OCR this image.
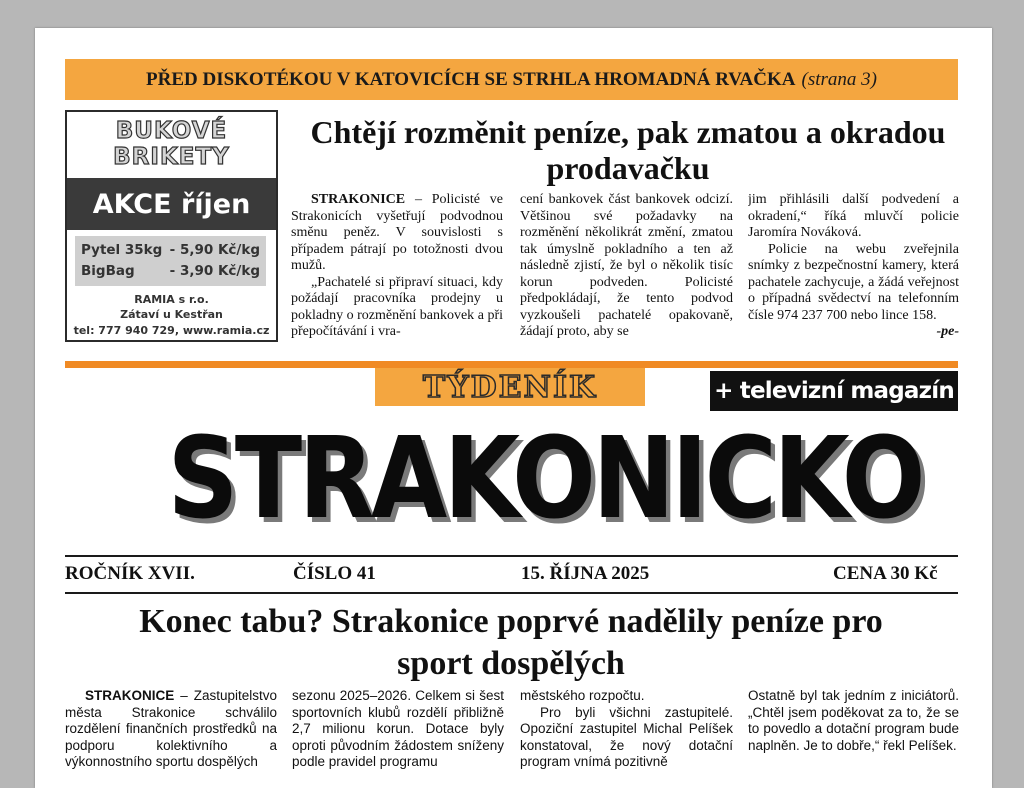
PŘED DISKOTÉKOU V KATOVICÍCH SE STRHLA HROMADNÁ RVAČKA (strana 3)
BUKOVÉ
BRIKETY
AKCE říjen
Pytel 35kg - 5,90 Kč/kg
BigBag	- 3,90 Kč/kg
RAMIA s r.o.
Zátaví u Kestřan
tel: 777 940 729, www.ramia.cz
Chtějí rozměnit peníze, pak zmatou a okradou prodavačku

STRAKONICE – Policisté ve Strakonicích vyšetřují podvodnou směnu peněz. V souvislosti s případem pátrají po totožnosti dvou mužů.

„Pachatelé si připraví situaci, kdy požádají pracovníka prodejny u pokladny o rozměnění bankovek a při přepočítávání i vra-

cení bankovek část bankovek odcizí. Většinou své požadavky na rozměnění několikrát změní, zmatou tak úmyslně pokladního a ten až následně zjistí, že byl o několik tisíc korun podveden. Policisté předpokládají, že tento podvod vyzkoušeli pachatelé opakovaně, žádají proto, aby se

jim přihlásili další podvedení a okradení,“ říká mluvčí policie Jaromíra Nováková.

Policie na webu zveřejnila snímky z bezpečnostní kamery, která pachatele zachycuje, a žádá veřejnost o případná svědectví na telefonním čísle 974 237 700 nebo lince 158.
-pe-

TÝDENÍK	+ televizní magazín
STRAKONICKO
ROČNÍK XVII.	ČÍSLO 41	15. ŘÍJNA 2025	CENA 30 Kč
Konec tabu? Strakonice poprvé nadělily peníze pro sport dospělých

STRAKONICE – Zastupitelstvo města Strakonice schválilo rozdělení finančních prostředků na podporu kolektivního a výkonnostního sportu dospělých

sezonu 2025–2026. Celkem si šest sportovních klubů rozdělí přibližně 2,7 milionu korun. Dotace byly oproti původním žádostem sníženy podle pravidel programu

městského rozpočtu.

Pro byli všichni zastupitelé. Opoziční zastupitel Michal Pelíšek konstatoval, že nový dotační program vnímá pozitivně

Ostatně byl tak jedním z iniciátorů. „Chtěl jsem poděkovat za to, že se to povedlo a dotační program bude naplněn. Je to dobře,“ řekl Pelíšek.
